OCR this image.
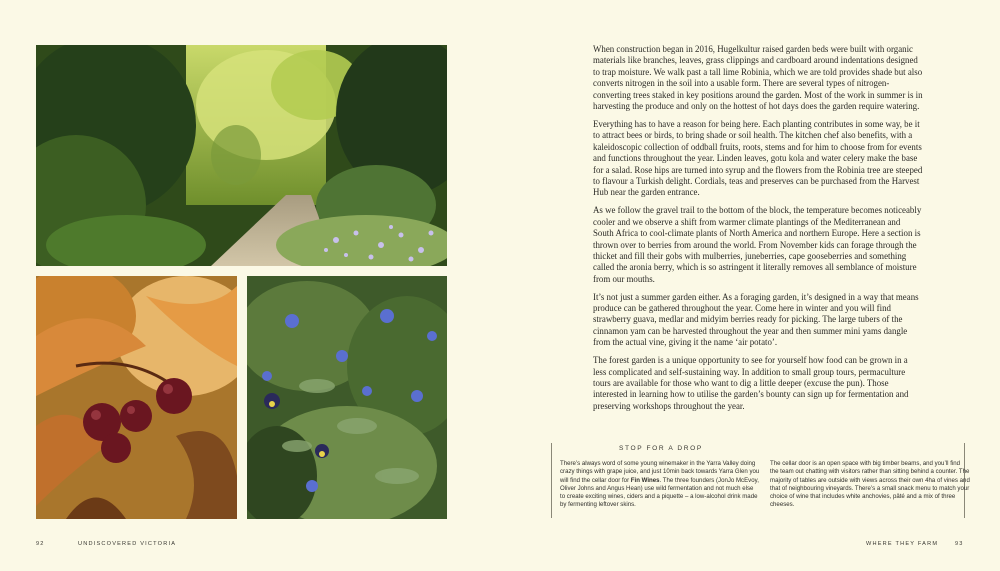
When construction began in 2016, Hugelkultur raised garden beds were built with organic materials like branches, leaves, grass clippings and cardboard around indentations designed to trap moisture. We walk past a tall lime Robinia, which we are told provides shade but also converts nitrogen in the soil into a usable form. There are several types of nitrogen-converting trees staked in key positions around the garden. Most of the work in summer is in harvesting the produce and only on the hottest of hot days does the garden require watering.

Everything has to have a reason for being here. Each planting contributes in some way, be it to attract bees or birds, to bring shade or soil health. The kitchen chef also benefits, with a kaleidoscopic collection of oddball fruits, roots, stems and for him to choose from for events and functions throughout the year. Linden leaves, gotu kola and water celery make the base for a salad. Rose hips are turned into syrup and the flowers from the Robinia tree are steeped to flavour a Turkish delight. Cordials, teas and preserves can be purchased from the Harvest Hub near the garden entrance.

As we follow the gravel trail to the bottom of the block, the temperature becomes noticeably cooler and we observe a shift from warmer climate plantings of the Mediterranean and South Africa to cool-climate plants of North America and northern Europe. Here a section is thrown over to berries from around the world. From November kids can forage through the thicket and fill their gobs with mulberries, juneberries, cape gooseberries and something called the aronia berry, which is so astringent it literally removes all semblance of moisture from our mouths.

It’s not just a summer garden either. As a foraging garden, it’s designed in a way that means produce can be gathered throughout the year. Come here in winter and you will find strawberry guava, medlar and midyim berries ready for picking. The large tubers of the cinnamon yam can be harvested throughout the year and then summer mini yams dangle from the actual vine, giving it the name ‘air potato’.

The forest garden is a unique opportunity to see for yourself how food can be grown in a less complicated and self-sustaining way. In addition to small group tours, permaculture tours are available for those who want to dig a little deeper (excuse the pun). Those interested in learning how to utilise the garden’s bounty can sign up for fermentation and preserving workshops throughout the year.

STOP FOR A DROP
There’s always word of some young winemaker in the Yarra Valley doing crazy things with grape juice, and just 10min back towards Yarra Glen you will find the cellar door for Fin Wines. The three founders (JonJo McEvoy, Oliver Johns and Angus Hean) use wild fermentation and not much else to create exciting wines, ciders and a piquette – a low-alcohol drink made by fermenting leftover skins.
The cellar door is an open space with big timber beams, and you’ll find the team out chatting with visitors rather than sitting behind a counter. The majority of tables are outside with views across their own 4ha of vines and that of neighbouring vineyards. There’s a small snack menu to match your choice of wine that includes white anchovies, pâté and a mix of three cheeses.
92	UNDISCOVERED VICTORIA	WHERE THEY FARM	93
